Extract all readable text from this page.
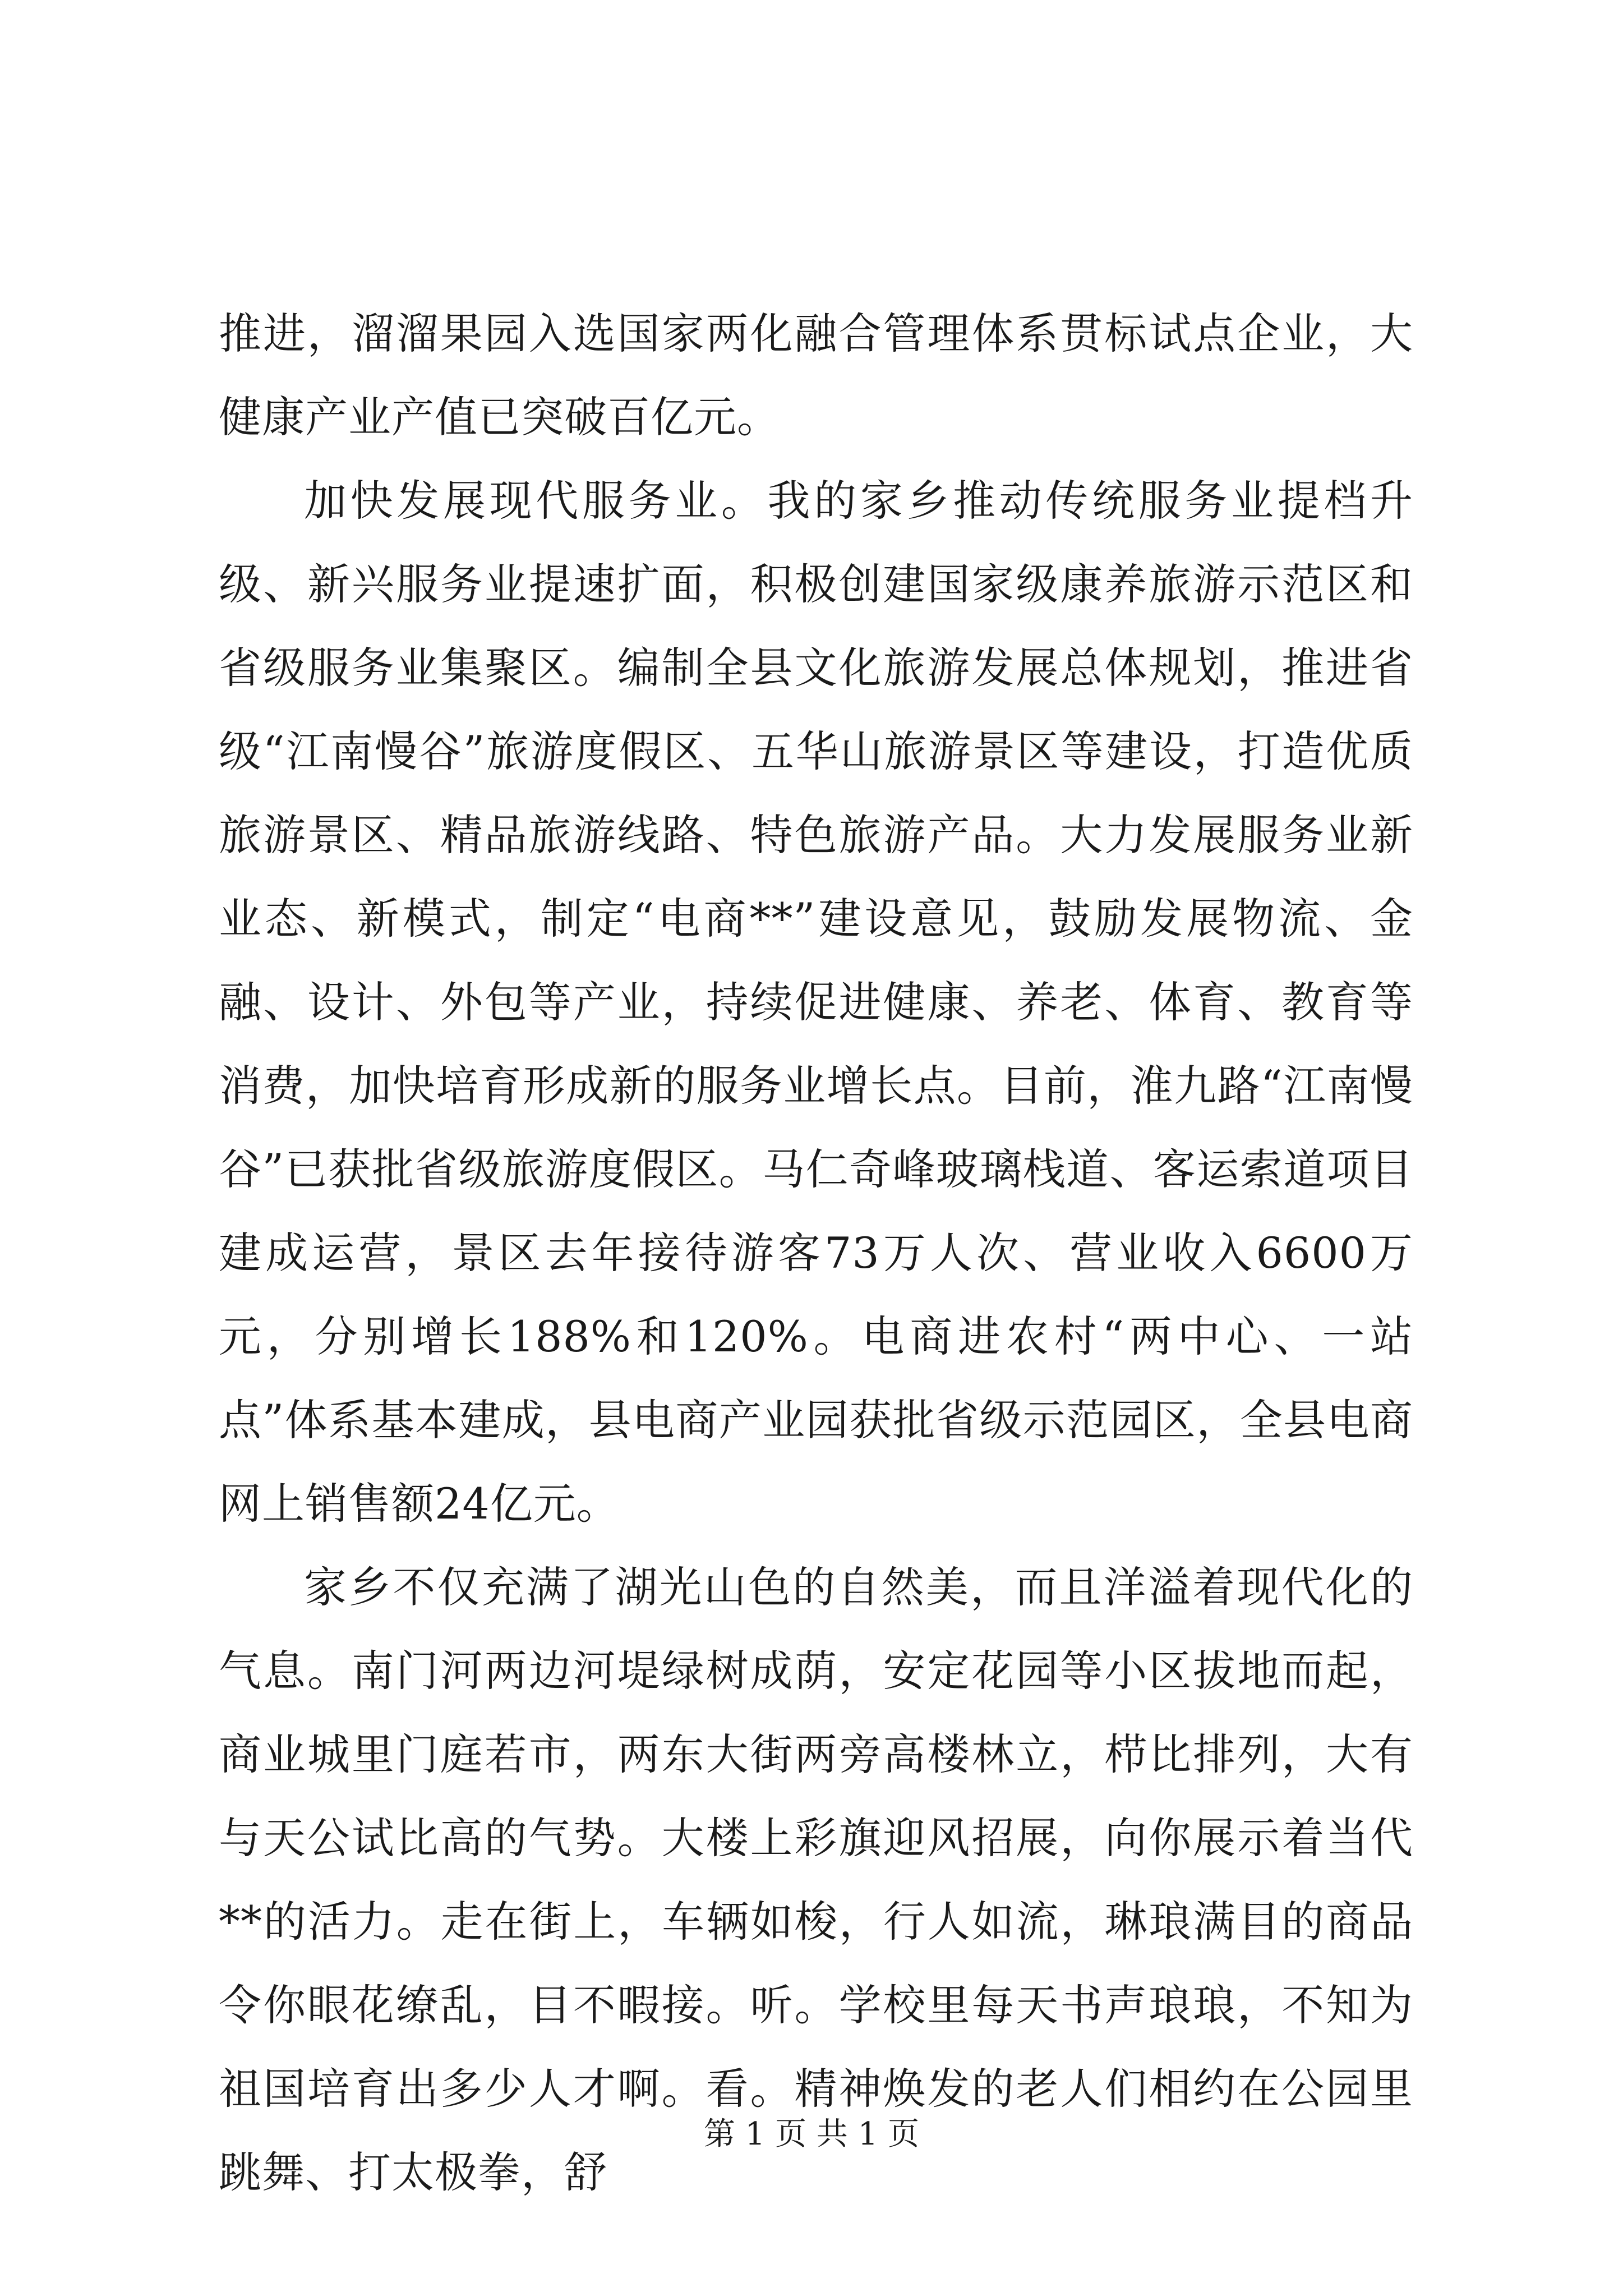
推进，溜溜果园入选国家两化融合管理体系贯标试点企业，大健康产业产值已突破百亿元。

加快发展现代服务业。我的家乡推动传统服务业提档升级、新兴服务业提速扩面，积极创建国家级康养旅游示范区和省级服务业集聚区。编制全县文化旅游发展总体规划，推进省级“江南慢谷”旅游度假区、五华山旅游景区等建设，打造优质旅游景区、精品旅游线路、特色旅游产品。大力发展服务业新业态、新模式，制定“电商**”建设意见，鼓励发展物流、金融、设计、外包等产业，持续促进健康、养老、体育、教育等消费，加快培育形成新的服务业增长点。目前，淮九路“江南慢谷”已获批省级旅游度假区。马仁奇峰玻璃栈道、客运索道项目建成运营，景区去年接待游客73万人次、营业收入6600万元，分别增长188%和120%。电商进农村“两中心、一站点”体系基本建成，县电商产业园获批省级示范园区，全县电商网上销售额24亿元。

家乡不仅充满了湖光山色的自然美，而且洋溢着现代化的气息。南门河两边河堤绿树成荫，安定花园等小区拔地而起，商业城里门庭若市，两东大街两旁高楼林立，栉比排列，大有与天公试比高的气势。大楼上彩旗迎风招展，向你展示着当代**的活力。走在街上，车辆如梭，行人如流，琳琅满目的商品令你眼花缭乱，目不暇接。听。学校里每天书声琅琅，不知为祖国培育出多少人才啊。看。精神焕发的老人们相约在公园里跳舞、打太极拳，舒

第 1 页 共 1 页
